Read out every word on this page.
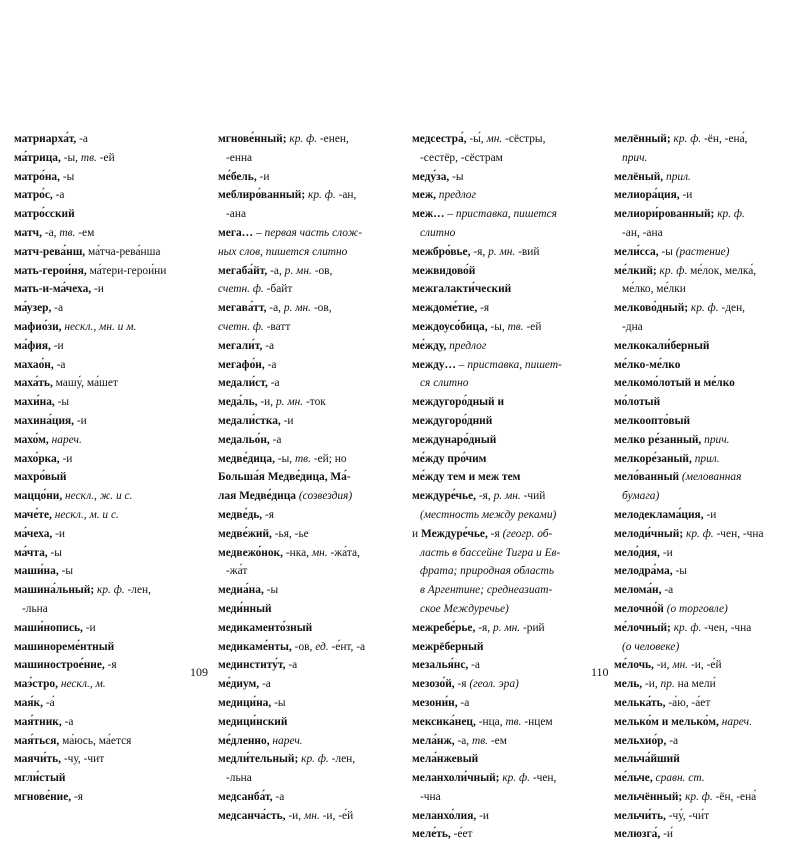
матриарха́т, -а

ма́трица, -ы, тв. -ей

матро́на, -ы

матро́с, -а

матро́сский

матч, -а, тв. -ем

матч-рева́нш, ма́тча-рева́нша

мать-герои́ня, ма́тери-герои́ни

мать-и-ма́чеха, -и

ма́узер, -а

мафио́зи, нескл., мн. и м.

ма́фия, -и

махао́н, -а

маха́ть, машу́, ма́шет

махи́на, -ы

махина́ция, -и

махо́м, нареч.

махо́рка, -и

махро́вый

маццо́ни, нескл., ж. и с.

маче́те, нескл., м. и с.

ма́чеха, -и

ма́чта, -ы

маши́на, -ы

машина́льный; кр. ф. -лен,

-льна

маши́нопись, -и

машинореме́нтный

машинострое́ние, -я

маэ́стро, нескл., м.

мая́к, -а́

мая́тник, -а

мая́ться, ма́юсь, ма́ется

маячи́ть, -чу, -чит

мгли́стый

мгнове́ние, -я

мгнове́нный; кр. ф. -енен,

-енна

ме́бель, -и

меблиро́ванный; кр. ф. -ан,

-ана

мега… – первая часть слож-

ных слов, пишется слитно

мегаба́йт, -а, р. мн. -ов,

счетн. ф. -байт

мегава́тт, -а, р. мн. -ов,

счетн. ф. -ватт

мегали́т, -а

мегафо́н, -а

медали́ст, -а

меда́ль, -и, р. мн. -ток

медали́стка, -и

медальо́н, -а

медве́дица, -ы, тв. -ей; но

Больша́я Медве́дица, Ма́-

лая Медве́дица (созвездия)

медве́дь, -я

медве́жий, -ья, -ье

медвежо́нок, -нка, мн. -жа́та,

-жа́т

медиа́на, -ы

меди́нный

медикаменто́зный

медикаме́нты, -ов, ед. -е́нт, -а

мединститу́т, -а

ме́диум, -а

медици́на, -ы

медици́нский

ме́дленно, нареч.

медли́тельный; кр. ф. -лен,

-льна

медсанба́т, -а

медсанча́сть, -и, мн. -и, -е́й

медсестра́, -ы́, мн. -сёстры,

-сестёр, -сёстрам

меду́за, -ы

меж, предлог

меж… – приставка, пишется

слитно

межбро́вье, -я, р. мн. -вий

межвидово́й

межгалакти́ческий

междоме́тие, -я

междоусо́бица, -ы, тв. -ей

ме́жду, предлог

между… – приставка, пишет-

ся слитно

междугоро́дный и междугоро́дний

междунаро́дный

ме́жду про́чим

ме́жду тем и меж тем

междуре́чье, -я, р. мн. -чий

(местность между реками)

и Междуре́чье, -я (геогр. об-

ласть в бассейне Тигра и Ев-

фрата; природная область

в Аргентине; среднеазиат-

ское Междуречье)

межребе́рье, -я, р. мн. -рий

межрёберный

мезалья́нс, -а

мезозо́й, -я (геол. эра)

мезони́н, -а

мексика́нец, -нца, тв. -нцем

мела́нж, -а, тв. -ем

мела́нжевый

меланхоли́чный; кр. ф. -чен,

-чна

меланхо́лия, -и

меле́ть, -е́ет

мелённый; кр. ф. -ён, -ена́,

прич.

мелёный, прил.

мелиора́ция, -и

мелиори́рованный; кр. ф.

-ан, -ана

мели́сса, -ы (растение)

ме́лкий; кр. ф. ме́лок, мелка́,

ме́лко, ме́лки

мелково́дный; кр. ф. -ден,

-дна

мелкокали́берный

ме́лко-ме́лко

мелкомо́лотый и ме́лко

мо́лотый

мелкоопто́вый

мелко ре́занный, прич.

мелкоре́заный, прил.

мело́ванный (мелованная

бумага)

мелодеклама́ция, -и

мелоди́чный; кр. ф. -чен, -чна

мело́дия, -и

мелодра́ма, -ы

мелома́н, -а

мелочно́й (о торговле)

ме́лочный; кр. ф. -чен, -чна

(о человеке)

ме́лочь, -и, мн. -и, -е́й

мель, -и, пр. на мели́

мелька́ть, -а́ю, -а́ет

мелько́м и мелько́м, нареч.

мельхио́р, -а

мельча́йший

ме́льче, сравн. ст.

мельчённый; кр. ф. -ён, -ена́

мельчи́ть, -чу́, -чи́т

мелюзга́, -и́

109	110
